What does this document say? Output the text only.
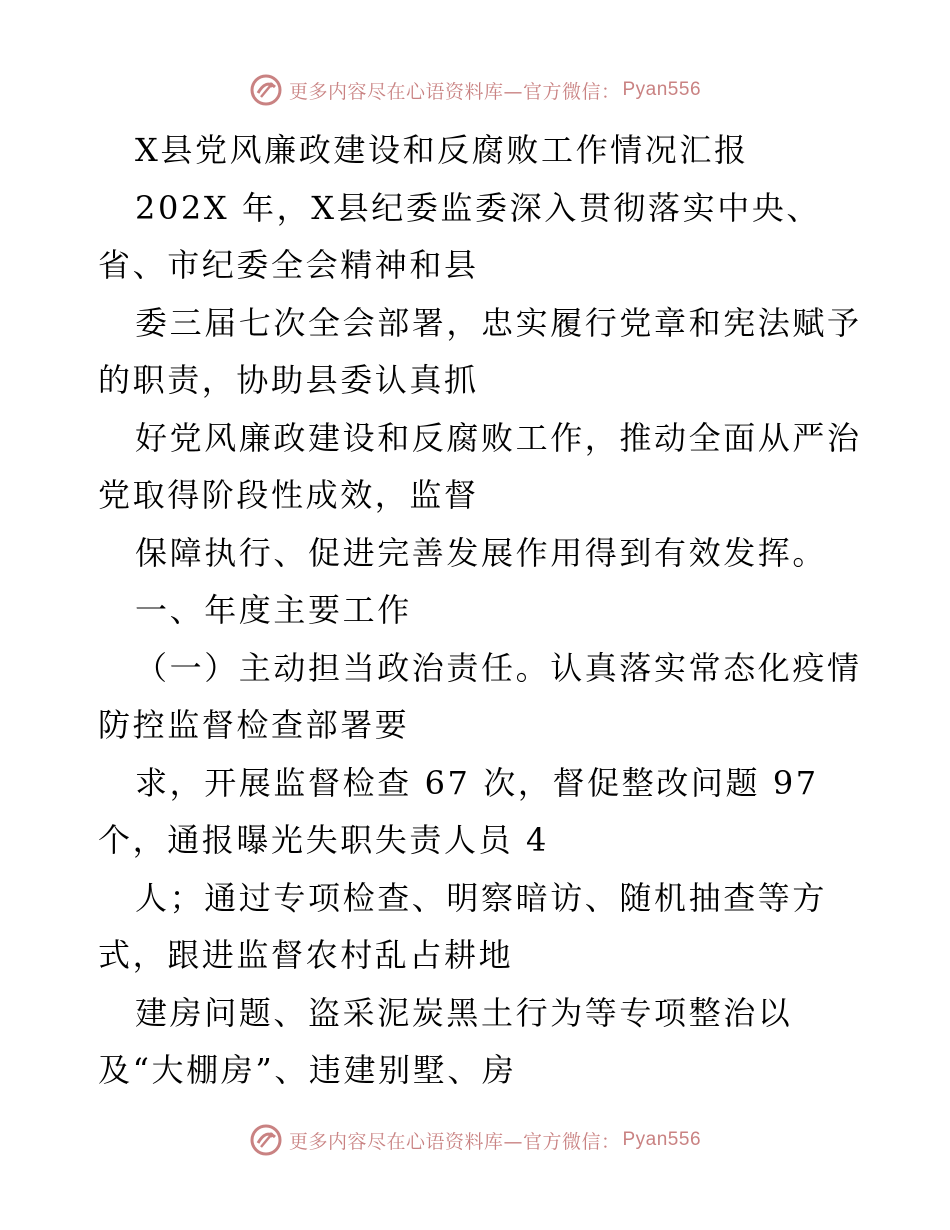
更多内容尽在心语资料库—官方微信： Pyan556
X县党风廉政建设和反腐败工作情况汇报
202X 年，X县纪委监委深入贯彻落实中央、
省、市纪委全会精神和县
委三届七次全会部署，忠实履行党章和宪法赋予
的职责，协助县委认真抓
好党风廉政建设和反腐败工作，推动全面从严治
党取得阶段性成效，监督
保障执行、促进完善发展作用得到有效发挥。
一、年度主要工作
（一）主动担当政治责任。认真落实常态化疫情
防控监督检查部署要
求，开展监督检查 67 次，督促整改问题 97
个，通报曝光失职失责人员 4
人；通过专项检查、明察暗访、随机抽查等方
式，跟进监督农村乱占耕地
建房问题、盗采泥炭黑土行为等专项整治以
及“大棚房”、违建别墅、房
更多内容尽在心语资料库—官方微信： Pyan556
